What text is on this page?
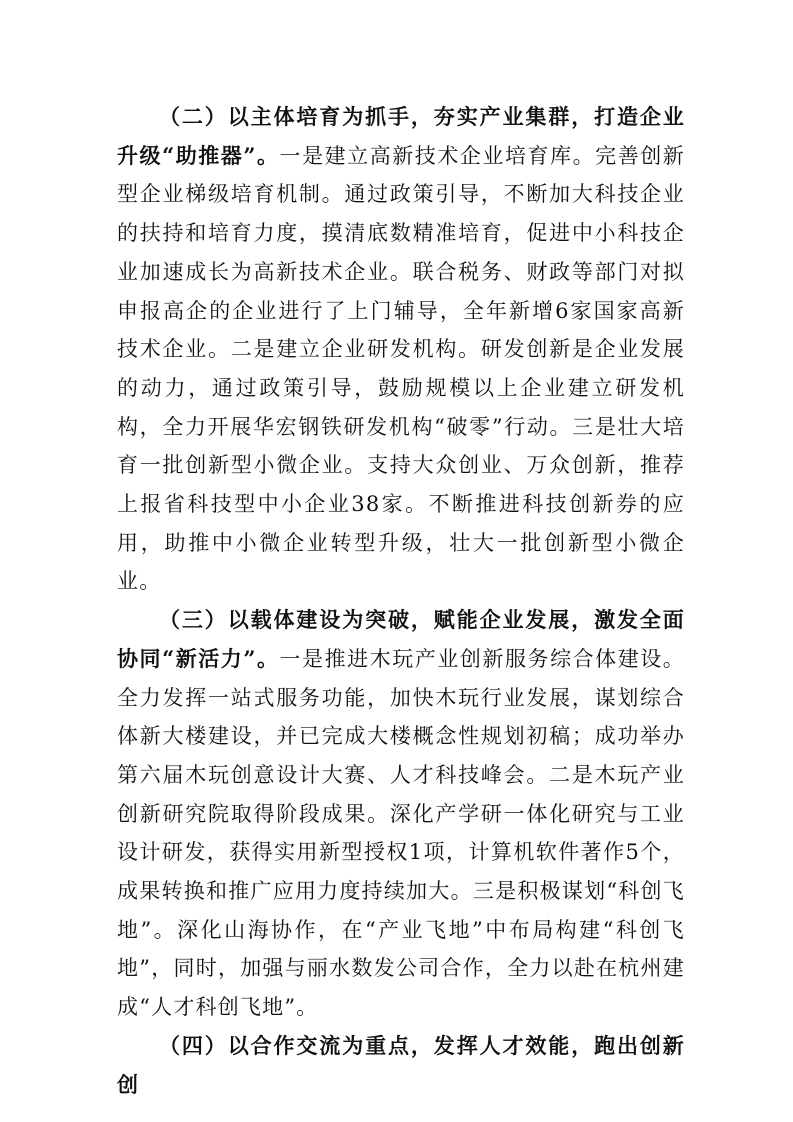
（二）以主体培育为抓手，夯实产业集群，打造企业升级“助推器”。一是建立高新技术企业培育库。完善创新型企业梯级培育机制。通过政策引导，不断加大科技企业的扶持和培育力度，摸清底数精准培育，促进中小科技企业加速成长为高新技术企业。联合税务、财政等部门对拟申报高企的企业进行了上门辅导，全年新增6家国家高新技术企业。二是建立企业研发机构。研发创新是企业发展的动力，通过政策引导，鼓励规模以上企业建立研发机构，全力开展华宏钢铁研发机构“破零”行动。三是壮大培育一批创新型小微企业。支持大众创业、万众创新，推荐上报省科技型中小企业38家。不断推进科技创新券的应用，助推中小微企业转型升级，壮大一批创新型小微企业。

（三）以载体建设为突破，赋能企业发展，激发全面协同“新活力”。一是推进木玩产业创新服务综合体建设。全力发挥一站式服务功能，加快木玩行业发展，谋划综合体新大楼建设，并已完成大楼概念性规划初稿；成功举办第六届木玩创意设计大赛、人才科技峰会。二是木玩产业创新研究院取得阶段成果。深化产学研一体化研究与工业设计研发，获得实用新型授权1项，计算机软件著作5个，成果转换和推广应用力度持续加大。三是积极谋划“科创飞地”。深化山海协作，在“产业飞地”中布局构建“科创飞地”，同时，加强与丽水数发公司合作，全力以赴在杭州建成“人才科创飞地”。

（四）以合作交流为重点，发挥人才效能，跑出创新创
